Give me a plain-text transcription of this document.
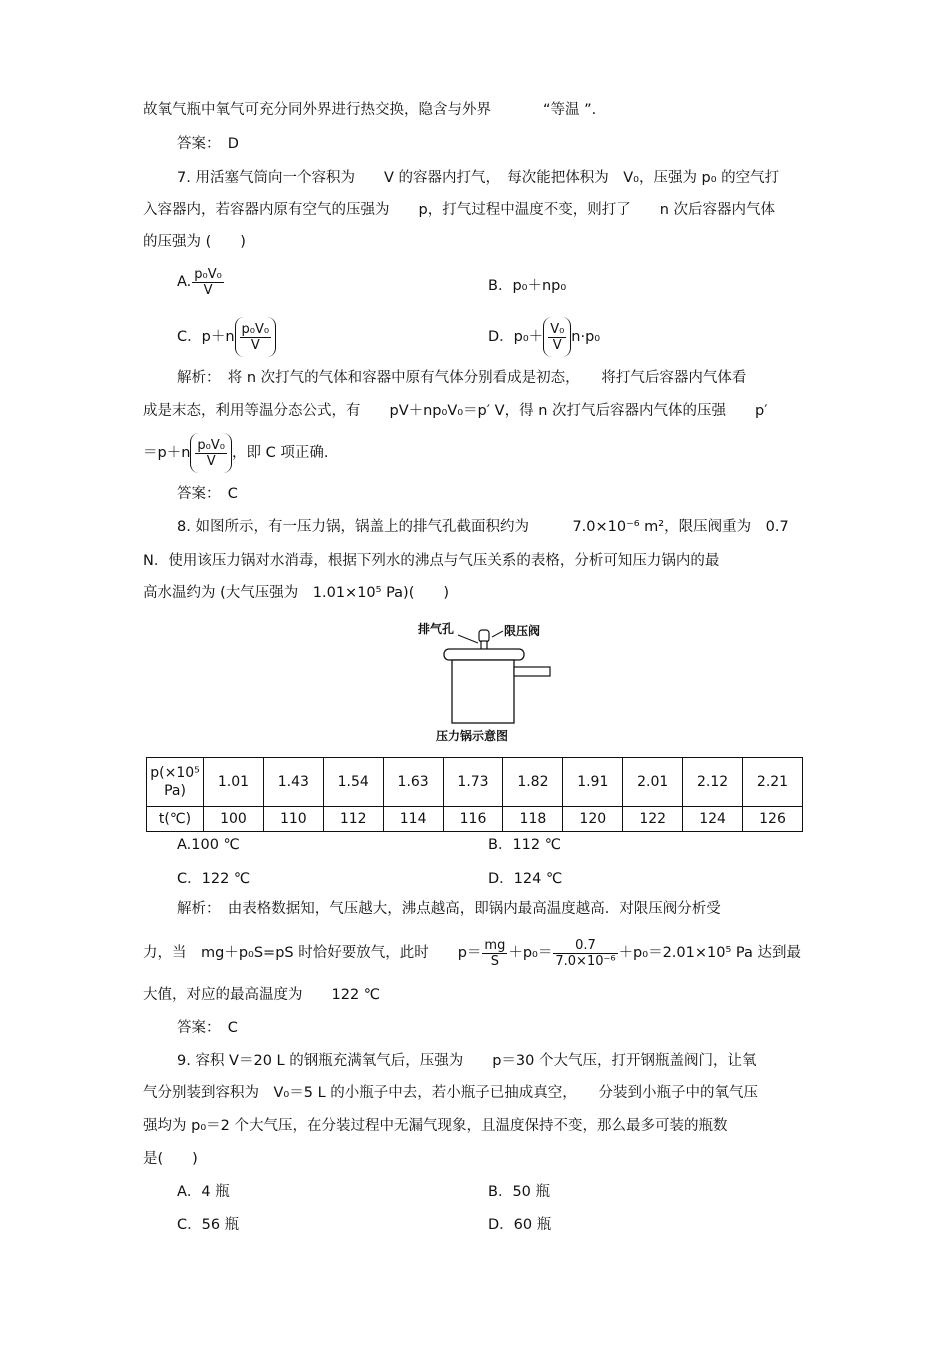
故氧气瓶中氧气可充分同外界进行热交换，隐含与外界	“等温 ”．
答案：　D
7. 用活塞气筒向一个容积为　　V 的容器内打气，　每次能把体积为　V₀，压强为 p₀ 的空气打
入容器内，若容器内原有空气的压强为　　p，打气过程中温度不变，则打了　　n 次后容器内气体
的压强为 (　　)
A. $\frac{\text{p₀V₀}}{V}$	B．p₀＋np₀
C．$p+n \frac{\text{p₀V₀}}{V}$	D．$p_0+ \frac{\text{V₀}}{V} n\cdot p_0$
解析：　将 n 次打气的气体和容器中原有气体分别看成是初态，　　将打气后容器内气体看
成是末态，利用等温分态公式，有　　pV＋np₀V₀＝p′ V，得 n 次打气后容器内气体的压强　　p′
$=p+n \frac{\text{p₀V₀}}{V}$ ，即 C 项正确.
答案：　C
8. 如图所示，有一压力锅，锅盖上的排气孔截面积约为　　　7.0×10⁻⁶ m²，限压阀重为　0.7
N．使用该压力锅对水消毒，根据下列水的沸点与气压关系的表格，分析可知压力锅内的最
高水温约为 (大气压强为　1.01×10⁵ Pa)(　　)
排气孔	限压阀
压力锅示意图
p(×10⁵ Pa)	1.01	1.43	1.54	1.63	1.73	1.82	1.91	2.01	2.12	2.21
t(℃)	100	110	112	114	116	118	120	122	124	126
A.100 ℃	B．112 ℃
C．122 ℃	D．124 ℃
解析：　由表格数据知，气压越大，沸点越高，即锅内最高温度越高．对限压阀分析受
力，当　mg＋p₀S=pS 时恰好要放气，此时　　$p= \frac{mg}{S} +p_0= \frac{0.7}{\text{7.0×10⁻⁶}} +p_0=2.01\times 10^5$ Pa 达到最
大值，对应的最高温度为　　122 ℃
答案：　C
9. 容积 V＝20 L 的钢瓶充满氧气后，压强为　　p＝30 个大气压，打开钢瓶盖阀门，让氧
气分别装到容积为　V₀＝5 L 的小瓶子中去，若小瓶子已抽成真空，　　分装到小瓶子中的氧气压
强均为 p₀＝2 个大气压，在分装过程中无漏气现象，且温度保持不变，那么最多可装的瓶数
是(　　)
A．4 瓶	B．50 瓶
C．56 瓶	D．60 瓶
